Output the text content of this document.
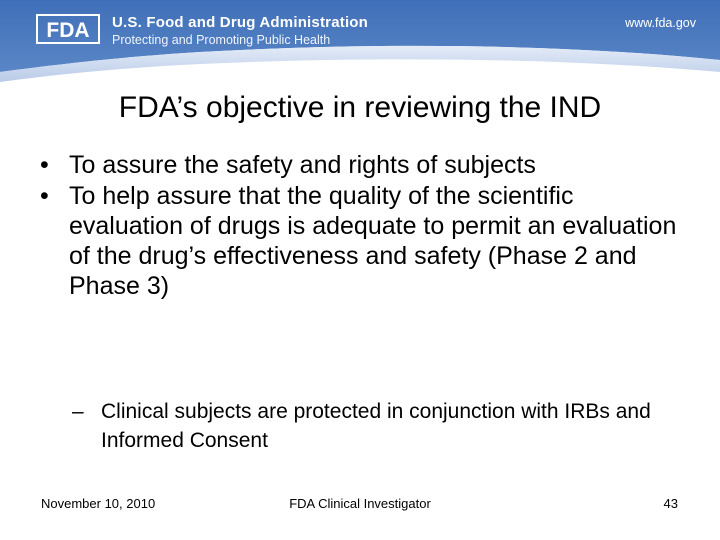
FDA U.S. Food and Drug Administration
Protecting and Promoting Public Health
www.fda.gov
FDA’s objective in reviewing the IND
• To assure the safety and rights of subjects
• To help assure that the quality of the scientific evaluation of drugs is adequate to permit an evaluation of the drug’s effectiveness and safety (Phase 2 and Phase 3)
– Clinical subjects are protected in conjunction with IRBs and Informed Consent
November 10, 2010	FDA Clinical Investigator	43
